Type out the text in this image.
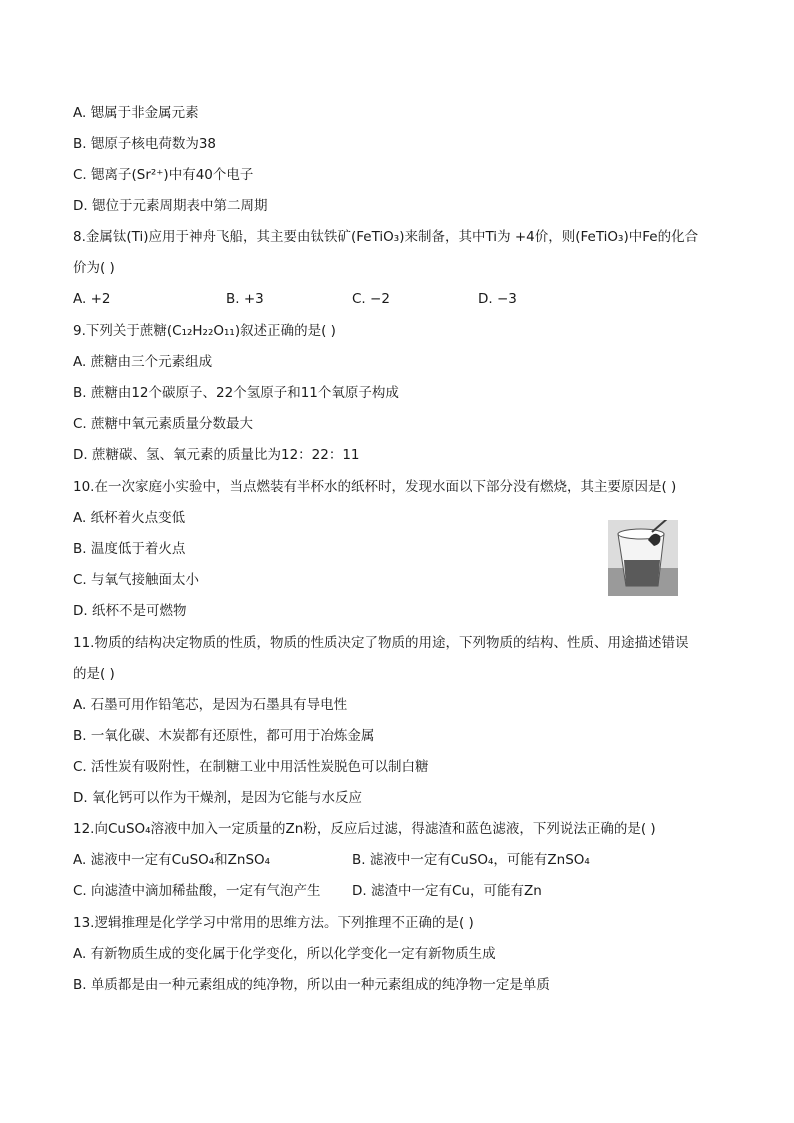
A. 锶属于非金属元素
B. 锶原子核电荷数为38
C. 锶离子(Sr²⁺)中有40个电子
D. 锶位于元素周期表中第二周期
8.金属钛(Ti)应用于神舟飞船，其主要由钛铁矿(FeTiO₃)来制备，其中Ti为 +4价，则(FeTiO₃)中Fe的化合
价为( )
A. +2	B. +3	C. −2	D. −3
9.下列关于蔗糖(C₁₂H₂₂O₁₁)叙述正确的是( )
A. 蔗糖由三个元素组成
B. 蔗糖由12个碳原子、22个氢原子和11个氧原子构成
C. 蔗糖中氧元素质量分数最大
D. 蔗糖碳、氢、氧元素的质量比为12：22：11
10.在一次家庭小实验中，当点燃装有半杯水的纸杯时，发现水面以下部分没有燃烧，其主要原因是( )
A. 纸杯着火点变低
B. 温度低于着火点
C. 与氧气接触面太小
D. 纸杯不是可燃物
11.物质的结构决定物质的性质，物质的性质决定了物质的用途，下列物质的结构、性质、用途描述错误
的是( )
A. 石墨可用作铅笔芯，是因为石墨具有导电性
B. 一氧化碳、木炭都有还原性，都可用于冶炼金属
C. 活性炭有吸附性，在制糖工业中用活性炭脱色可以制白糖
D. 氧化钙可以作为干燥剂，是因为它能与水反应
12.向CuSO₄溶液中加入一定质量的Zn粉，反应后过滤，得滤渣和蓝色滤液，下列说法正确的是( )
A. 滤液中一定有CuSO₄和ZnSO₄	B. 滤液中一定有CuSO₄，可能有ZnSO₄
C. 向滤渣中滴加稀盐酸，一定有气泡产生 D. 滤渣中一定有Cu，可能有Zn
13.逻辑推理是化学学习中常用的思维方法。下列推理不正确的是( )
A. 有新物质生成的变化属于化学变化，所以化学变化一定有新物质生成
B. 单质都是由一种元素组成的纯净物，所以由一种元素组成的纯净物一定是单质
